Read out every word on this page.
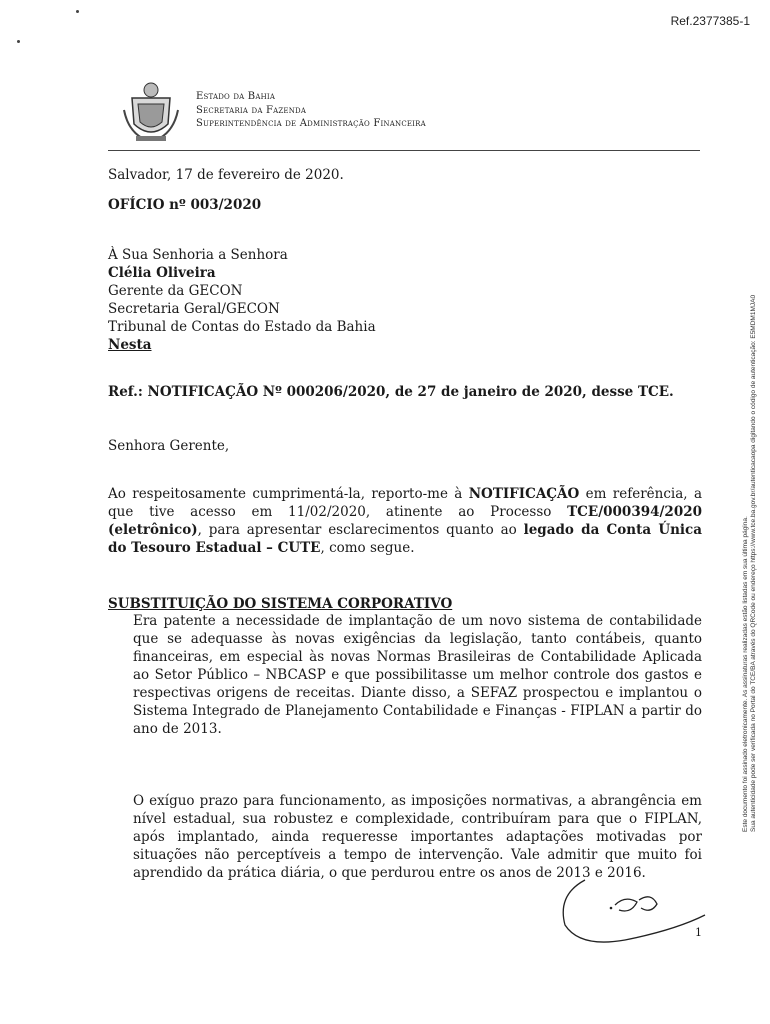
Ref.2377385-1
Estado da Bahia
Secretaria da Fazenda
Superintendência de Administração Financeira
Salvador, 17 de fevereiro de 2020.
OFÍCIO nº 003/2020
À Sua Senhoria a Senhora
Clélia Oliveira
Gerente da GECON
Secretaria Geral/GECON
Tribunal de Contas do Estado da Bahia
Nesta
Ref.: NOTIFICAÇÃO Nº 000206/2020, de 27 de janeiro de 2020, desse TCE.
Senhora Gerente,
Ao respeitosamente cumprimentá-la, reporto-me à NOTIFICAÇÃO em referência, a que tive acesso em 11/02/2020, atinente ao Processo TCE/000394/2020 (eletrônico), para apresentar esclarecimentos quanto ao legado da Conta Única do Tesouro Estadual – CUTE, como segue.
SUBSTITUIÇÃO DO SISTEMA CORPORATIVO
Era patente a necessidade de implantação de um novo sistema de contabilidade que se adequasse às novas exigências da legislação, tanto contábeis, quanto financeiras, em especial às novas Normas Brasileiras de Contabilidade Aplicada ao Setor Público – NBCASP e que possibilitasse um melhor controle dos gastos e respectivas origens de receitas. Diante disso, a SEFAZ prospectou e implantou o Sistema Integrado de Planejamento Contabilidade e Finanças - FIPLAN a partir do ano de 2013.
O exíguo prazo para funcionamento, as imposições normativas, a abrangência em nível estadual, sua robustez e complexidade, contribuíram para que o FIPLAN, após implantado, ainda requeresse importantes adaptações motivadas por situações não perceptíveis a tempo de intervenção. Vale admitir que muito foi aprendido da prática diária, o que perdurou entre os anos de 2013 e 2016.
1
Este documento foi assinado eletronicamente. As assinaturas realizadas estão listadas em sua última página. Sua autenticidade pode ser verificada no Portal do TCE/BA através do QRCode ou endereço https://www.tce.ba.gov.br/autenticacaopa digitando o código de autenticação: E5MDM1MJA0
